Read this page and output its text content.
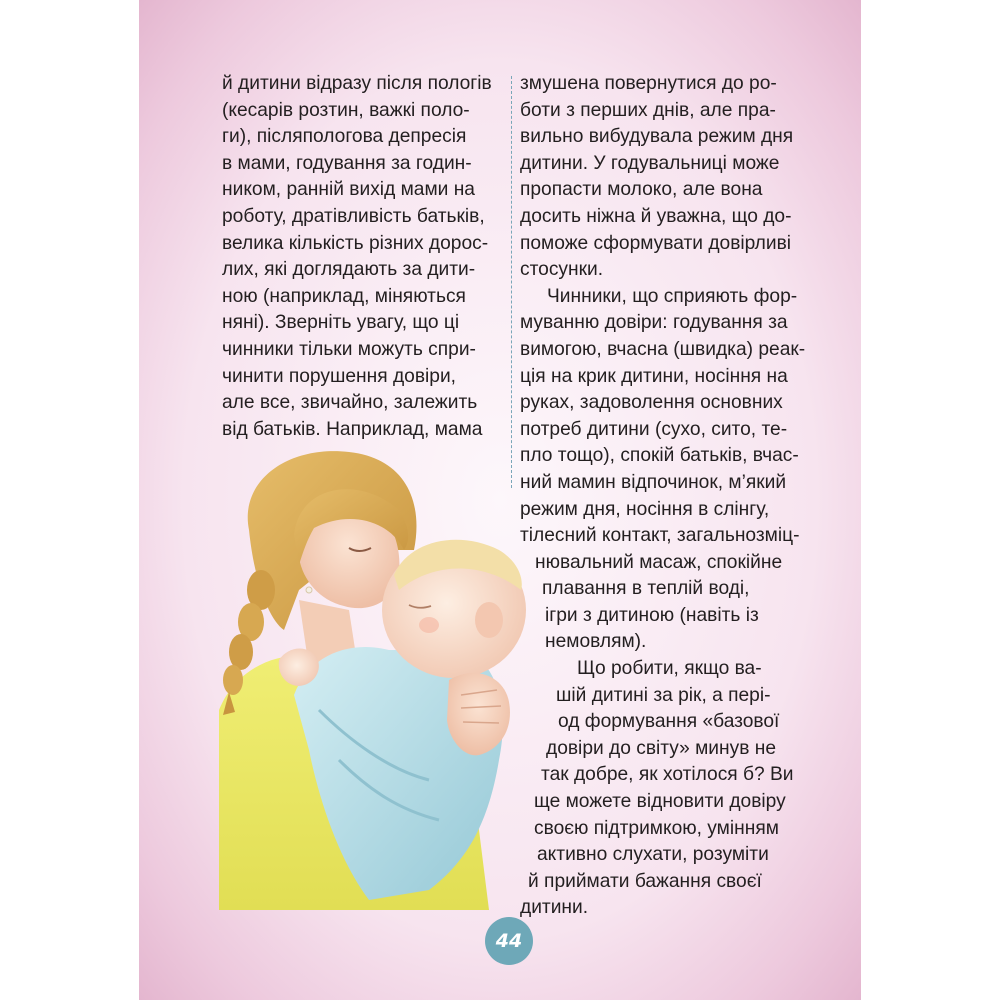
й дитини відразу після пологів
(кесарів розтин, важкі поло-
ги), післяпологова депресія
в мами, годування за годин-
ником, ранній вихід мами на
роботу, дратівливість батьків,
велика кількість різних дорос-
лих, які доглядають за дити-
ною (наприклад, міняються
няні). Зверніть увагу, що ці
чинники тільки можуть спри-
чинити порушення довіри,
але все, звичайно, залежить
від батьків. Наприклад, мама
змушена повернутися до ро-
боти з перших днів, але пра-
вильно вибудувала режим дня
дитини. У годувальниці може
пропасти молоко, але вона
досить ніжна й уважна, що до-
поможе сформувати довірливі
стосунки.
Чинники, що сприяють фор-
муванню довіри: годування за
вимогою, вчасна (швидка) реак-
ція на крик дитини, носіння на
руках, задоволення основних
потреб дитини (сухо, сито, те-
пло тощо), спокій батьків, вчас-
ний мамин відпочинок, м’який
режим дня, носіння в слінгу,
тілесний контакт, загальнозміц-
нювальний масаж, спокійне
плавання в теплій воді,
ігри з дитиною (навіть із
немовлям).
Що робити, якщо ва-
шій дитині за рік, а пері-
од формування «базової
довіри до світу» минув не
так добре, як хотілося б? Ви
ще можете відновити довіру
своєю підтримкою, умінням
активно слухати, розуміти
й приймати бажання своєї
дитини.
44
